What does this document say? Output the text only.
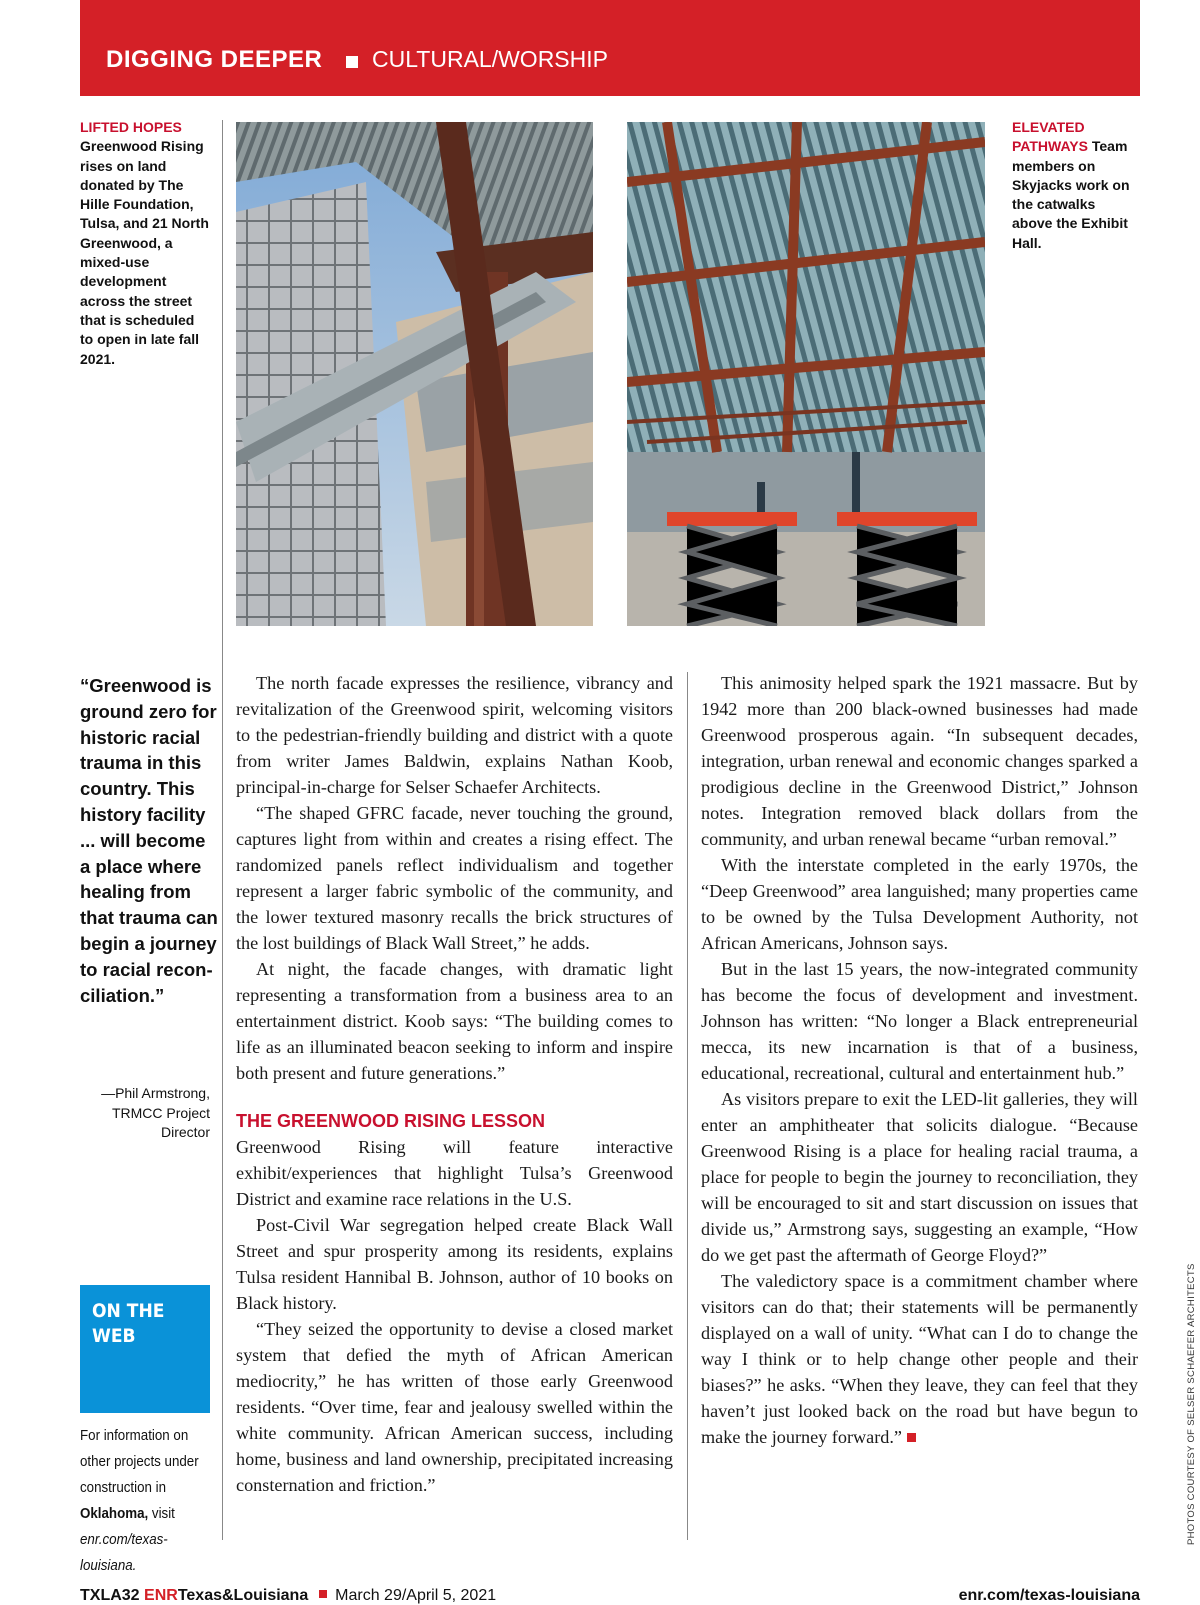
DIGGING DEEPER CULTURAL/WORSHIP
LIFTED HOPES
Greenwood Rising rises on land donated by The Hille Foundation, Tulsa, and 21 North Greenwood, a mixed-use development across the street that is scheduled to open in late fall 2021.
ELEVATED PATHWAYS Team members on Skyjacks work on the catwalks above the Exhibit Hall.
“Greenwood is ground zero for historic racial trauma in this country. This history facility ... will become a place where healing from that trauma can begin a journey to racial recon-ciliation.”
—Phil Armstrong,
TRMCC Project Director
ON THE
WEB
For information on other projects under construction in Oklahoma, visit enr.com/texas-louisiana.

The north facade expresses the resilience, vibrancy and revitalization of the Greenwood spirit, welcoming visitors to the pedestrian-friendly building and district with a quote from writer James Baldwin, explains Nathan Koob, principal-in-charge for Selser Schaefer Architects.

“The shaped GFRC facade, never touching the ground, captures light from within and creates a rising effect. The randomized panels reflect individualism and together represent a larger fabric symbolic of the community, and the lower textured masonry recalls the brick structures of the lost buildings of Black Wall Street,” he adds.

At night, the facade changes, with dramatic light representing a transformation from a business area to an entertainment district. Koob says: “The building comes to life as an illuminated beacon seeking to inform and inspire both present and future generations.”

THE GREENWOOD RISING LESSON

Greenwood Rising will feature interactive exhibit/experiences that highlight Tulsa’s Greenwood District and examine race relations in the U.S.

Post-Civil War segregation helped create Black Wall Street and spur prosperity among its residents, explains Tulsa resident Hannibal B. Johnson, author of 10 books on Black history.

“They seized the opportunity to devise a closed market system that defied the myth of African American mediocrity,” he has written of those early Greenwood residents. “Over time, fear and jealousy swelled within the white community. African American success, including home, business and land ownership, precipitated increasing consternation and friction.”

This animosity helped spark the 1921 massacre. But by 1942 more than 200 black-owned businesses had made Greenwood prosperous again. “In subsequent decades, integration, urban renewal and economic changes sparked a prodigious decline in the Greenwood District,” Johnson notes. Integration removed black dollars from the community, and urban renewal became “urban removal.”

With the interstate completed in the early 1970s, the “Deep Greenwood” area languished; many properties came to be owned by the Tulsa Development Authority, not African Americans, Johnson says.

But in the last 15 years, the now-integrated community has become the focus of development and investment. Johnson has written: “No longer a Black entrepreneurial mecca, its new incarnation is that of a business, educational, recreational, cultural and entertainment hub.”

As visitors prepare to exit the LED-lit galleries, they will enter an amphitheater that solicits dialogue. “Because Greenwood Rising is a place for healing racial trauma, a place for people to begin the journey to reconciliation, they will be encouraged to sit and start discussion on issues that divide us,” Armstrong says, suggesting an example, “How do we get past the aftermath of George Floyd?”

The valedictory space is a commitment chamber where visitors can do that; their statements will be permanently displayed on a wall of unity. “What can I do to change the way I think or to help change other people and their biases?” he asks. “When they leave, they can feel that they haven’t just looked back on the road but have begun to make the journey forward.”	PHOTOS COURTESY OF SELSER SCHAEFER ARCHITECTS
TXLA32 ENRTexas&Louisiana March 29/April 5, 2021	enr.com/texas-louisiana
